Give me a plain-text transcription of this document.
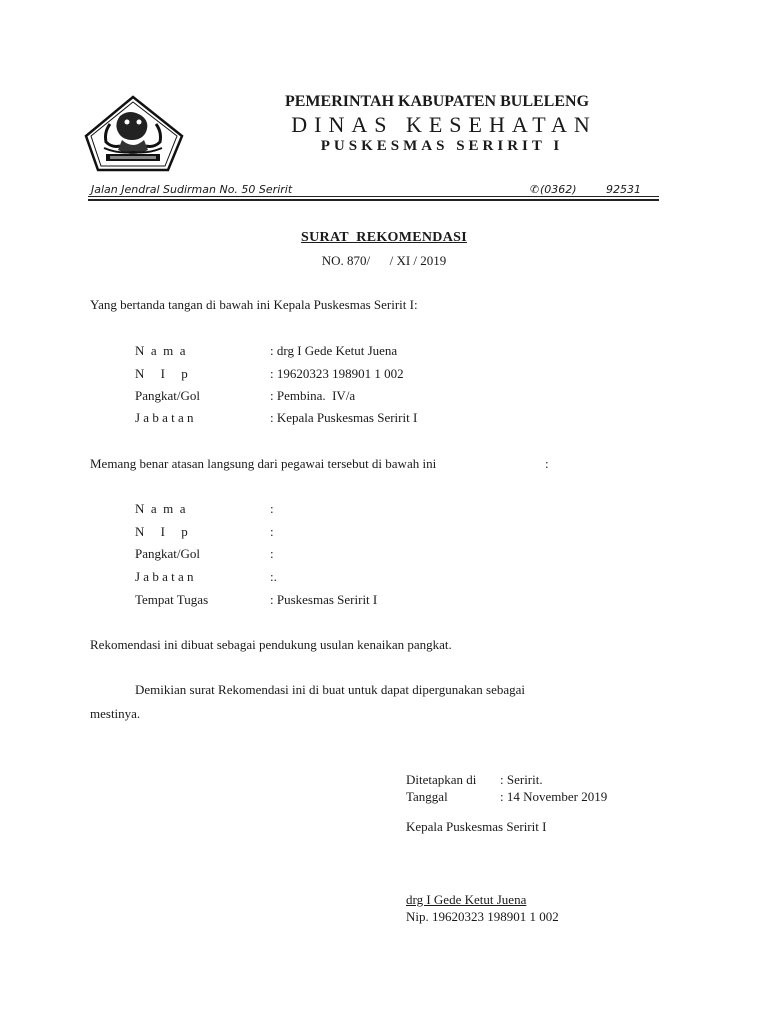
PEMERINTAH KABUPATEN BULELENG
DINAS KESEHATAN
PUSKESMAS SERIRIT I
Jalan Jendral Sudirman No. 50 Seririt	✆ (0362)	92531
SURAT  REKOMENDASI
NO. 870/      / XI / 2019
Yang bertanda tangan di bawah ini Kepala Puskesmas Seririt I:
N  a  m  a	: drg I Gede Ketut Juena
N     I     p	: 19620323 198901 1 002
Pangkat/Gol	: Pembina.  IV/a
J a b a t a n	: Kepala Puskesmas Seririt I
Memang benar atasan langsung dari pegawai tersebut di bawah ini	:
N  a  m  a	:
N     I     p	:
Pangkat/Gol	:
J a b a t a n	:.
Tempat Tugas	: Puskesmas Seririt I
Rekomendasi ini dibuat sebagai pendukung usulan kenaikan pangkat.
Demikian surat Rekomendasi ini di buat untuk dapat dipergunakan sebagai
mestinya.
Ditetapkan di : Seririt.
Tanggal	: 14 November 2019
Kepala Puskesmas Seririt I
drg I Gede Ketut Juena
Nip. 19620323 198901 1 002
